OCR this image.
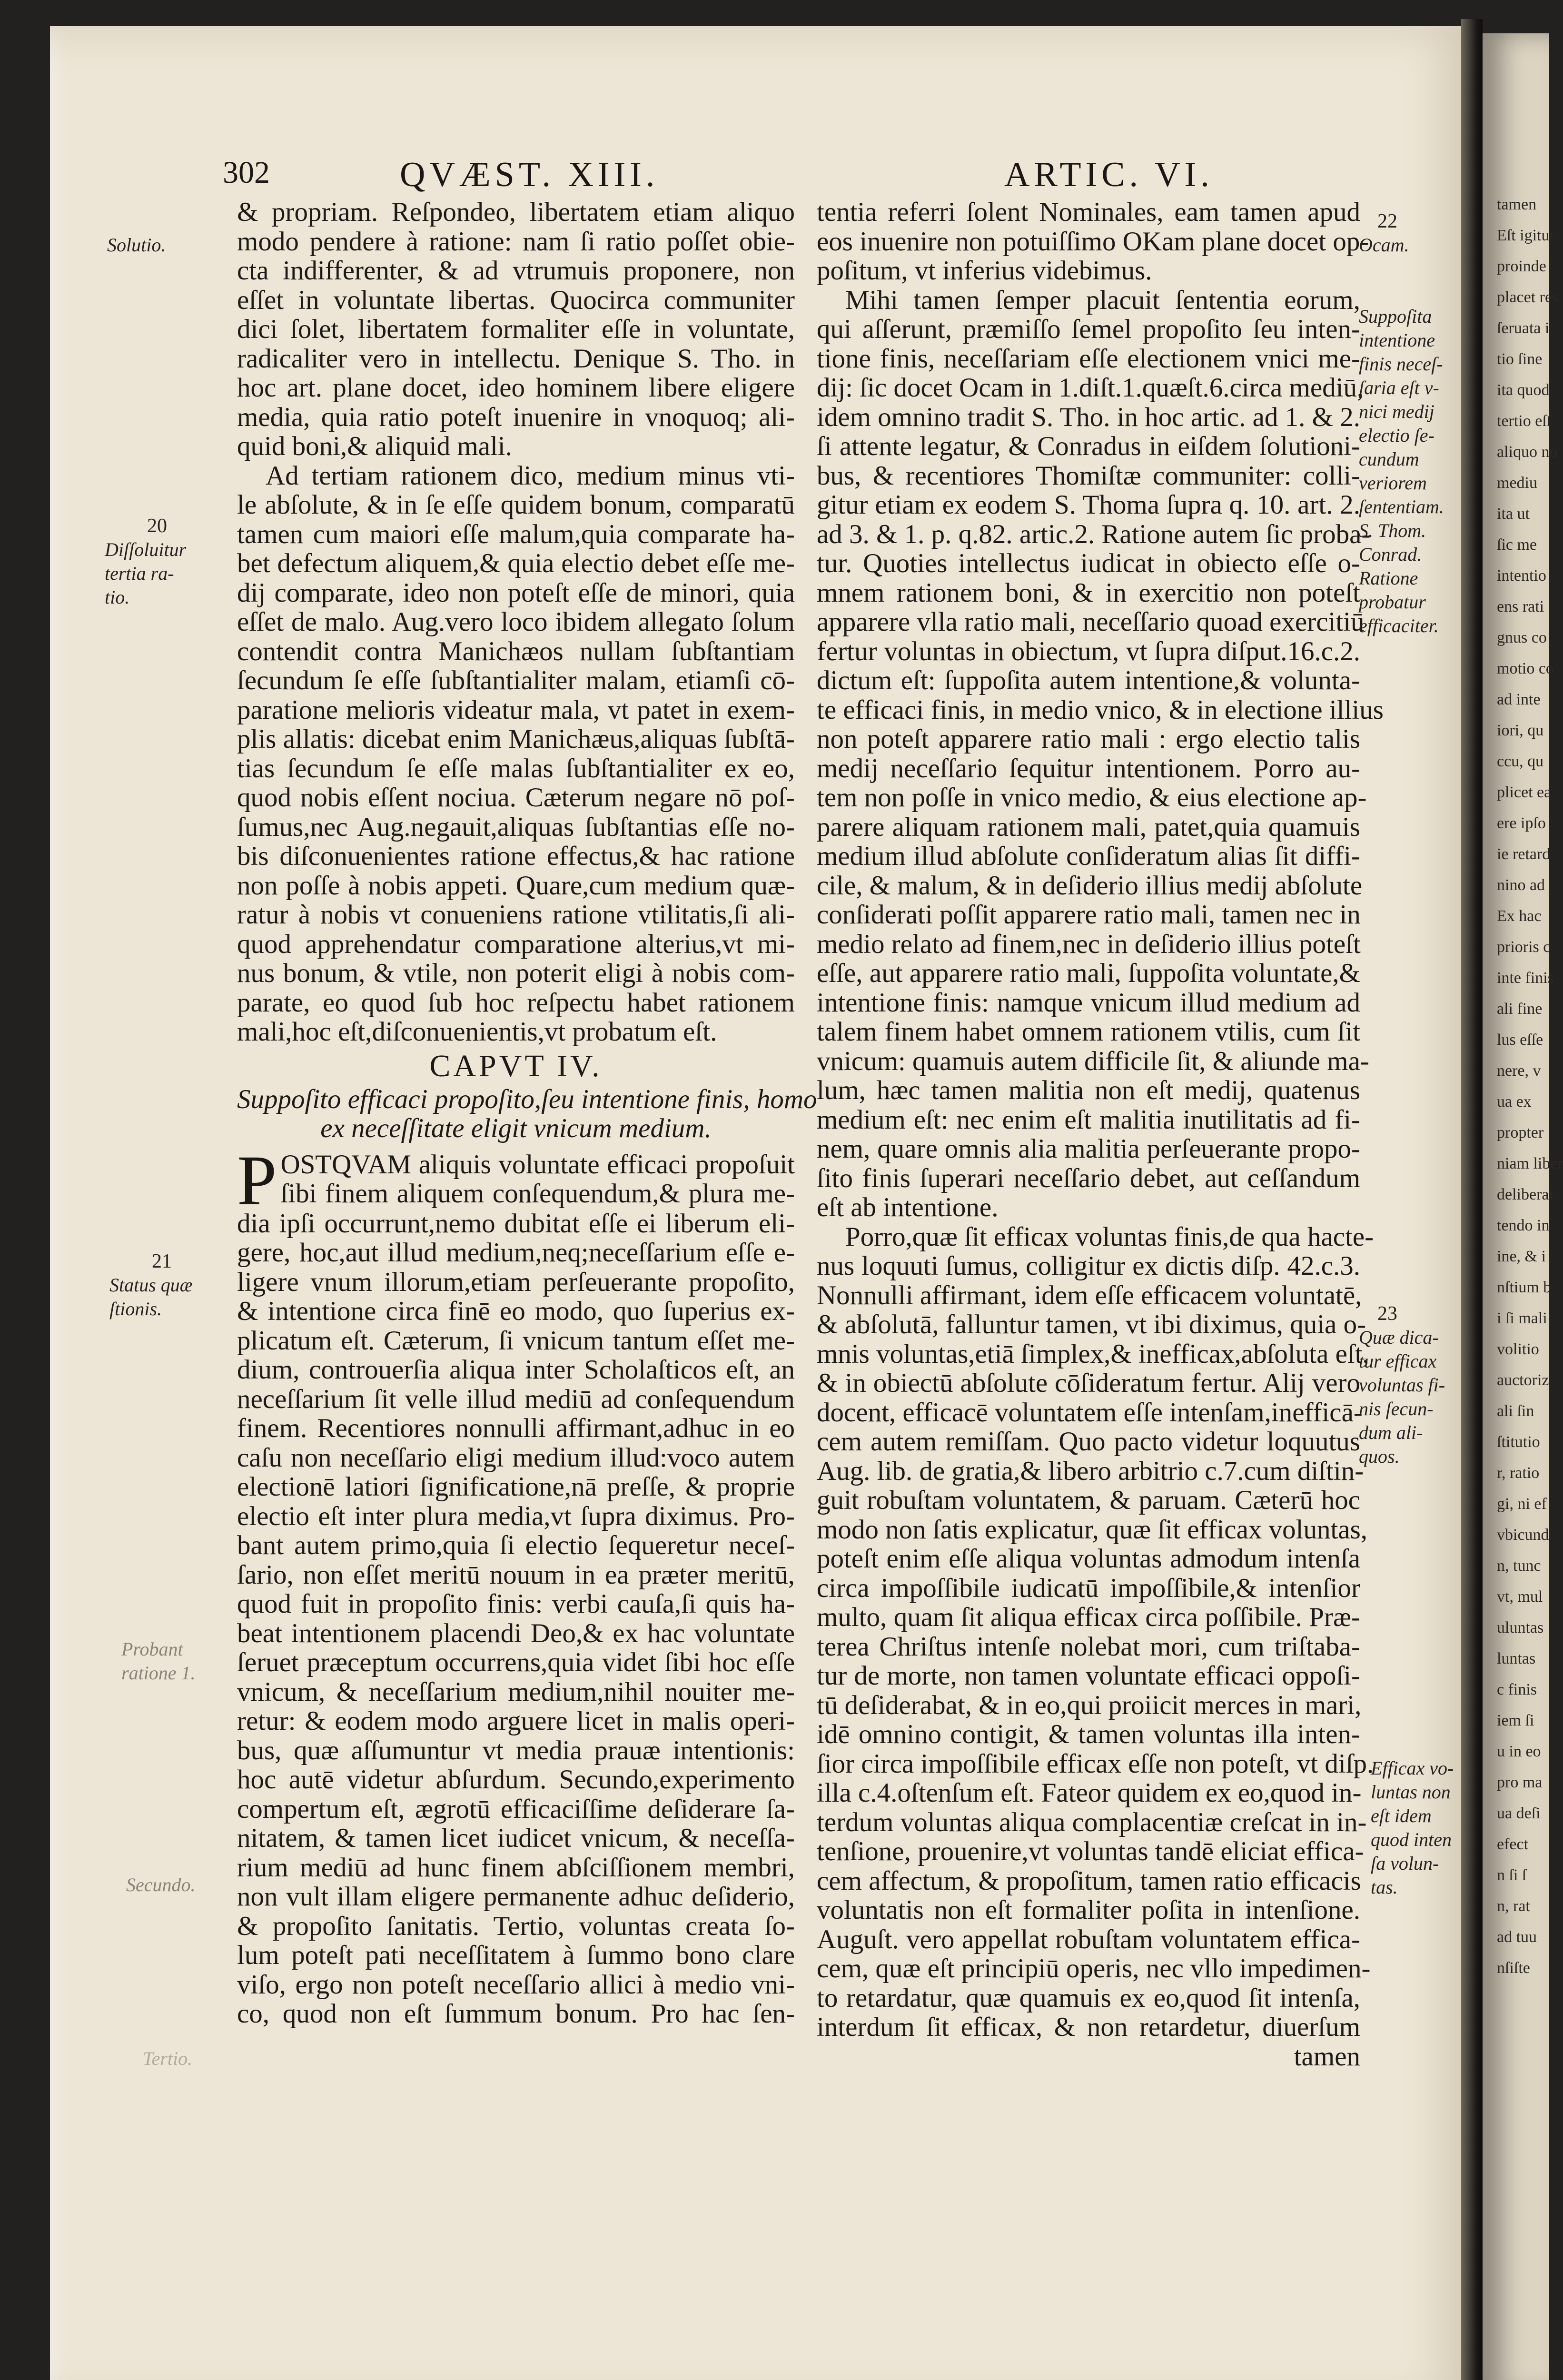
tamen
Eſt igitur
proinde
placet res
ſeruata i
tio ſine
ita quod
tertio eſſ
aliquo no
mediu
ita ut
ſic me
intentio
ens rati
gnus co
motio co
ad inte
iori, qu
ccu, qu
plicet ea
ere ipſo
ie retard
nino ad
Ex hac
prioris c
inte finis
ali fine
lus eſſe
nere, v
ua ex
propter
niam liber
deliberat
tendo in
ine, & i
nſtium b
i ſi mali
volitio
auctoriz
ali ſin
ſtitutio
r, ratio
gi, ni ef
vbicund
n, tunc
vt, mul
uluntas
luntas
c finis
iem ſi
u in eo
pro ma
ua deſi
efect
n ſi ſ
n, rat
ad tuu
nſiſte
302	QVÆST. XIII.	ARTIC. VI.
& propriam. Reſpondeo, libertatem etiam aliquo
modo pendere à ratione: nam ſi ratio poſſet obie-
cta indifferenter, & ad vtrumuis proponere, non
eſſet in voluntate libertas. Quocirca communiter
dici ſolet, libertatem formaliter eſſe in voluntate,
radicaliter vero in intellectu. Denique S. Tho. in
hoc art. plane docet, ideo hominem libere eligere
media, quia ratio poteſt inuenire in vnoquoq; ali-
quid boni,& aliquid mali.
Ad tertiam rationem dico, medium minus vti-
le abſolute, & in ſe eſſe quidem bonum, comparatū
tamen cum maiori eſſe malum,quia comparate ha-
bet defectum aliquem,& quia electio debet eſſe me-
dij comparate, ideo non poteſt eſſe de minori, quia
eſſet de malo. Aug.vero loco ibidem allegato ſolum
contendit contra Manichæos nullam ſubſtantiam
ſecundum ſe eſſe ſubſtantialiter malam, etiamſi cō-
paratione melioris videatur mala, vt patet in exem-
plis allatis: dicebat enim Manichæus,aliquas ſubſtā-
tias ſecundum ſe eſſe malas ſubſtantialiter ex eo,
quod nobis eſſent nociua. Cæterum negare nō poſ-
ſumus,nec Aug.negauit,aliquas ſubſtantias eſſe no-
bis diſconuenientes ratione effectus,& hac ratione
non poſſe à nobis appeti. Quare,cum medium quæ-
ratur à nobis vt conueniens ratione vtilitatis,ſi ali-
quod apprehendatur comparatione alterius,vt mi-
nus bonum, & vtile, non poterit eligi à nobis com-
parate, eo quod ſub hoc reſpectu habet rationem
mali,hoc eſt,diſconuenientis,vt probatum eſt.
CAPVT IV.
Suppoſito efficaci propoſito,ſeu intentione finis, homo
ex neceſſitate eligit vnicum medium.
P OSTQVAM aliquis voluntate efficaci propoſuit
ſibi finem aliquem conſequendum,& plura me-
dia ipſi occurrunt,nemo dubitat eſſe ei liberum eli-
gere, hoc,aut illud medium,neq;neceſſarium eſſe e-
ligere vnum illorum,etiam perſeuerante propoſito,
& intentione circa finē eo modo, quo ſuperius ex-
plicatum eſt. Cæterum, ſi vnicum tantum eſſet me-
dium, controuerſia aliqua inter Scholaſticos eſt, an
neceſſarium ſit velle illud mediū ad conſequendum
finem. Recentiores nonnulli affirmant,adhuc in eo
caſu non neceſſario eligi medium illud:voco autem
electionē latiori ſignificatione,nā preſſe, & proprie
electio eſt inter plura media,vt ſupra diximus. Pro-
bant autem primo,quia ſi electio ſequeretur neceſ-
ſario, non eſſet meritū nouum in ea præter meritū,
quod fuit in propoſito finis: verbi cauſa,ſi quis ha-
beat intentionem placendi Deo,& ex hac voluntate
ſeruet præceptum occurrens,quia videt ſibi hoc eſſe
vnicum, & neceſſarium medium,nihil nouiter me-
retur: & eodem modo arguere licet in malis operi-
bus, quæ aſſumuntur vt media prauæ intentionis:
hoc autē videtur abſurdum. Secundo,experimento
compertum eſt, ægrotū efficaciſſime deſiderare ſa-
nitatem, & tamen licet iudicet vnicum, & neceſſa-
rium mediū ad hunc finem abſciſſionem membri,
non vult illam eligere permanente adhuc deſiderio,
& propoſito ſanitatis. Tertio, voluntas creata ſo-
lum poteſt pati neceſſitatem à ſummo bono clare
viſo, ergo non poteſt neceſſario allici à medio vni-
co, quod non eſt ſummum bonum. Pro hac ſen-
tentia referri ſolent Nominales, eam tamen apud
eos inuenire non potuiſſimo OKam plane docet op-
poſitum, vt inferius videbimus.
Mihi tamen ſemper placuit ſententia eorum,
qui aſſerunt, præmiſſo ſemel propoſito ſeu inten-
tione finis, neceſſariam eſſe electionem vnici me-
dij: ſic docet Ocam in 1.diſt.1.quæſt.6.circa mediū,
idem omnino tradit S. Tho. in hoc artic. ad 1. & 2.
ſi attente legatur, & Conradus in eiſdem ſolutioni-
bus, & recentiores Thomiſtæ communiter: colli-
gitur etiam ex eodem S. Thoma ſupra q. 10. art. 2.
ad 3. & 1. p. q.82. artic.2. Ratione autem ſic proba-
tur. Quoties intellectus iudicat in obiecto eſſe o-
mnem rationem boni, & in exercitio non poteſt
apparere vlla ratio mali, neceſſario quoad exercitiū
fertur voluntas in obiectum, vt ſupra diſput.16.c.2.
dictum eſt: ſuppoſita autem intentione,& volunta-
te efficaci finis, in medio vnico, & in electione illius
non poteſt apparere ratio mali : ergo electio talis
medij neceſſario ſequitur intentionem. Porro au-
tem non poſſe in vnico medio, & eius electione ap-
parere aliquam rationem mali, patet,quia quamuis
medium illud abſolute conſideratum alias ſit diffi-
cile, & malum, & in deſiderio illius medij abſolute
conſiderati poſſit apparere ratio mali, tamen nec in
medio relato ad finem,nec in deſiderio illius poteſt
eſſe, aut apparere ratio mali, ſuppoſita voluntate,&
intentione finis: namque vnicum illud medium ad
talem finem habet omnem rationem vtilis, cum ſit
vnicum: quamuis autem difficile ſit, & aliunde ma-
lum, hæc tamen malitia non eſt medij, quatenus
medium eſt: nec enim eſt malitia inutilitatis ad fi-
nem, quare omnis alia malitia perſeuerante propo-
ſito finis ſuperari neceſſario debet, aut ceſſandum
eſt ab intentione.
Porro,quæ ſit efficax voluntas finis,de qua hacte-
nus loquuti ſumus, colligitur ex dictis diſp. 42.c.3.
Nonnulli affirmant, idem eſſe efficacem voluntatē,
& abſolutā, falluntur tamen, vt ibi diximus, quia o-
mnis voluntas,etiā ſimplex,& inefficax,abſoluta eſt,
& in obiectū abſolute cōſideratum fertur. Alij vero
docent, efficacē voluntatem eſſe intenſam,inefficā-
cem autem remiſſam. Quo pacto videtur loquutus
Aug. lib. de gratia,& libero arbitrio c.7.cum diſtin-
guit robuſtam voluntatem, & paruam. Cæterū hoc
modo non ſatis explicatur, quæ ſit efficax voluntas,
poteſt enim eſſe aliqua voluntas admodum intenſa
circa impoſſibile iudicatū impoſſibile,& intenſior
multo, quam ſit aliqua efficax circa poſſibile. Præ-
terea Chriſtus intenſe nolebat mori, cum triſtaba-
tur de morte, non tamen voluntate efficaci oppoſi-
tū deſiderabat, & in eo,qui proiicit merces in mari,
idē omnino contigit, & tamen voluntas illa inten-
ſior circa impoſſibile efficax eſſe non poteſt, vt diſp.
illa c.4.oſtenſum eſt. Fateor quidem ex eo,quod in-
terdum voluntas aliqua complacentiæ creſcat in in-
tenſione, prouenire,vt voluntas tandē eliciat effica-
cem affectum, & propoſitum, tamen ratio efficacis
voluntatis non eſt formaliter poſita in intenſione.
Auguſt. vero appellat robuſtam voluntatem effica-
cem, quæ eſt principiū operis, nec vllo impedimen-
to retardatur, quæ quamuis ex eo,quod ſit intenſa,
interdum ſit efficax, & non retardetur, diuerſum
tamen
Solutio.
20
Diſſoluitur
tertia ra-
tio.
21
Status quæ
ſtionis.
Probant
ratione 1.
Secundo.
Tertio.
22
Ocam.
Suppoſita
intentione
finis neceſ-
ſaria eſt v-
nici medij
electio ſe-
cundum
veriorem
ſententiam.
S. Thom.
Conrad.
Ratione
probatur
efficaciter.
23
Quæ dica-
tur efficax
voluntas fi-
nis ſecun-
dum ali-
quos.
Efficax vo-
luntas non
eſt idem
quod inten
ſa volun-
tas.
